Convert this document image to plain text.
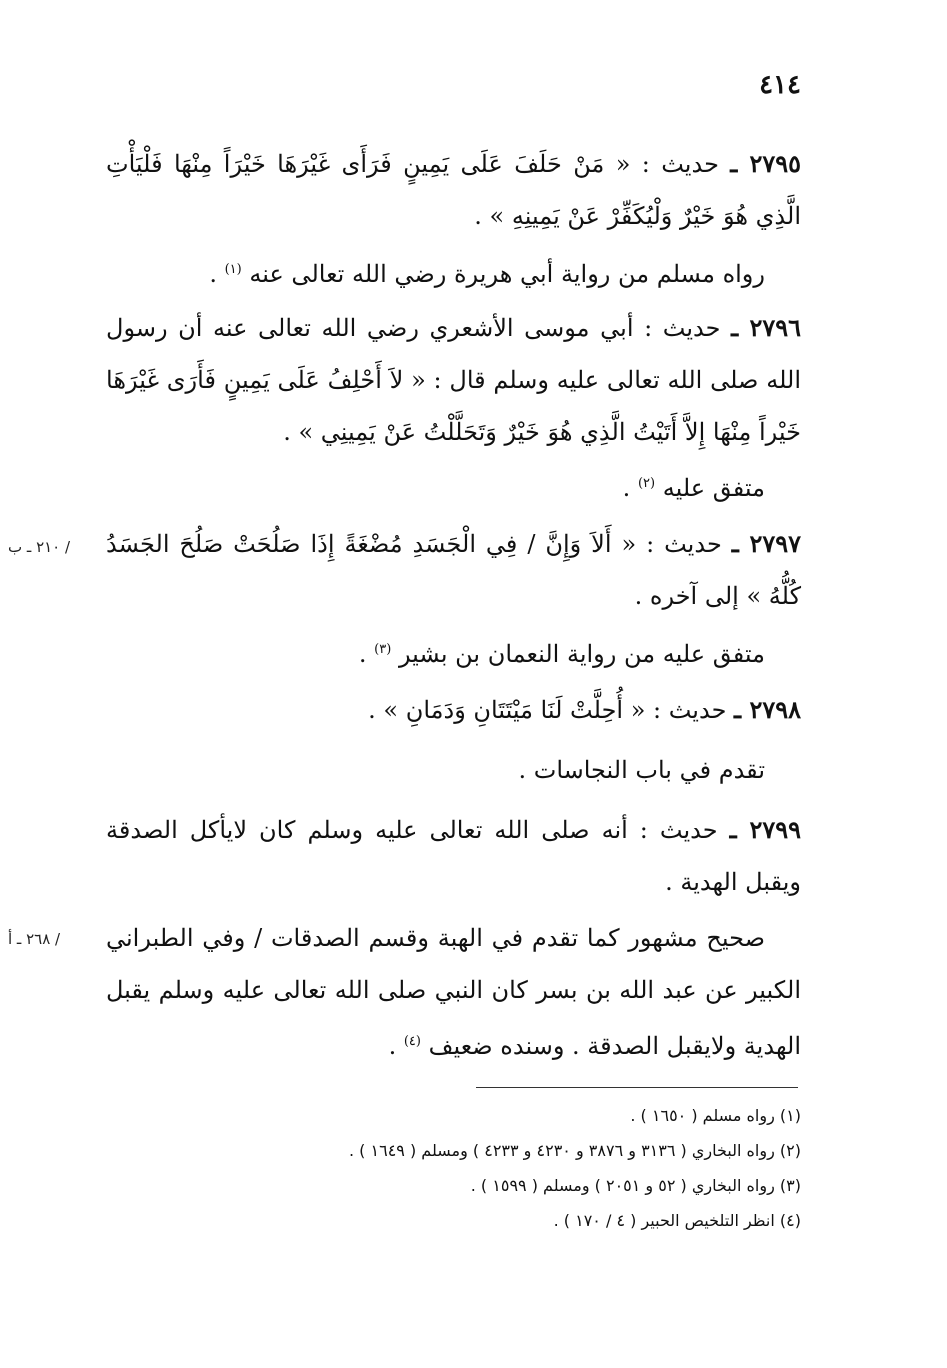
٤١٤

٢٧٩٥ ـ حديث : « مَنْ حَلَفَ عَلَى يَمِينٍ فَرَأَى غَيْرَهَا خَيْرَاً مِنْهَا فَلْيَأْتِ الَّذِي هُوَ خَيْرٌ وَلْيُكَفِّرْ عَنْ يَمِينِهِ » .

رواه مسلم من رواية أبي هريرة رضي الله تعالى عنه $^{(١)}$ .

٢٧٩٦ ـ حديث : أبي موسى الأشعري رضي الله تعالى عنه أن رسول الله صلى الله تعالى عليه وسلم قال : « لاَ أَحْلِفُ عَلَى يَمِينٍ فَأَرَى غَيْرَهَا خَيْراً مِنْهَا إِلاَّ أَتَيْتُ الَّذِي هُوَ خَيْرٌ وَتَحَلَّلْتُ عَنْ يَمِينِي » .

متفق عليه $^{(٢)}$ .

٢٧٩٧ ـ حديث : « أَلاَ وَإِنَّ / فِي الْجَسَدِ مُضْغَةً إِذَا صَلُحَتْ صَلُحَ الجَسَدُ كُلُّهُ » إلى آخره .

/ ٢١٠ ـ ب

متفق عليه من رواية النعمان بن بشير $^{(٣)}$ .

٢٧٩٨ ـ حديث : « أُحِلَّتْ لَنَا مَيْتَتَانِ وَدَمَانِ » .

تقدم في باب النجاسات .

٢٧٩٩ ـ حديث : أنه صلى الله تعالى عليه وسلم كان لايأكل الصدقة ويقبل الهدية .

صحيح مشهور كما تقدم في الهبة وقسم الصدقات / وفي الطبراني الكبير عن عبد الله بن بسر كان النبي صلى الله تعالى عليه وسلم يقبل الهدية ولايقبل الصدقة . وسنده ضعيف $^{(٤)}$ .

/ ٢٦٨ ـ أ

(١) رواه مسلم ( ١٦٥٠ ) .

(٢) رواه البخاري ( ٣١٣٦ و ٣٨٧٦ و ٤٢٣٠ و ٤٢٣٣ ) ومسلم ( ١٦٤٩ ) .

(٣) رواه البخاري ( ٥٢ و ٢٠٥١ ) ومسلم ( ١٥٩٩ ) .

(٤) انظر التلخيص الحبير ( ٤ / ١٧٠ ) .
